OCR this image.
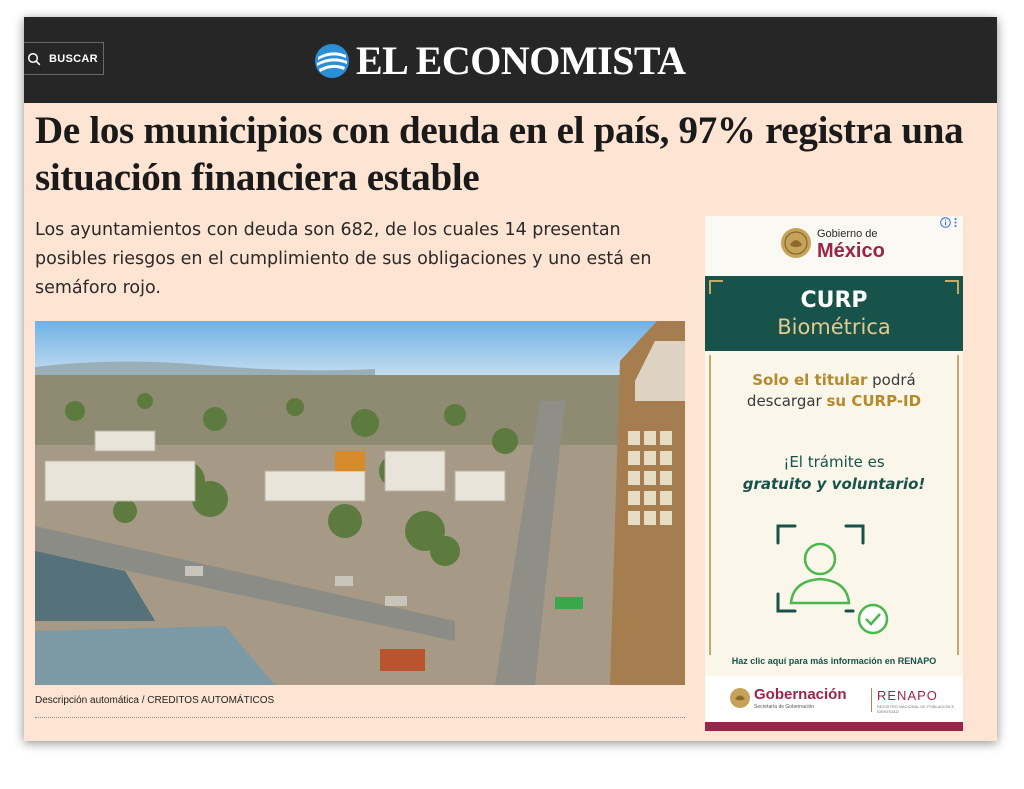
BUSCAR	EL ECONOMISTA
De los municipios con deuda en el país, 97% registra una situación financiera estable

Los ayuntamientos con deuda son 682, de los cuales 14 presentan posibles riesgos en el cumplimiento de sus obligaciones y uno está en semáforo rojo.

Descripción automática / CREDITOS AUTOMÁTICOS

Gobierno de
México
CURP
Biométrica
Solo el titular podrá
descargar su CURP-ID
¡El trámite es
gratuito y voluntario!
Haz clic aquí para más información en RENAPO
Gobernación
Secretaría de Gobernación
RENAPO
REGISTRO NACIONAL DE POBLACIÓN E IDENTIDAD
